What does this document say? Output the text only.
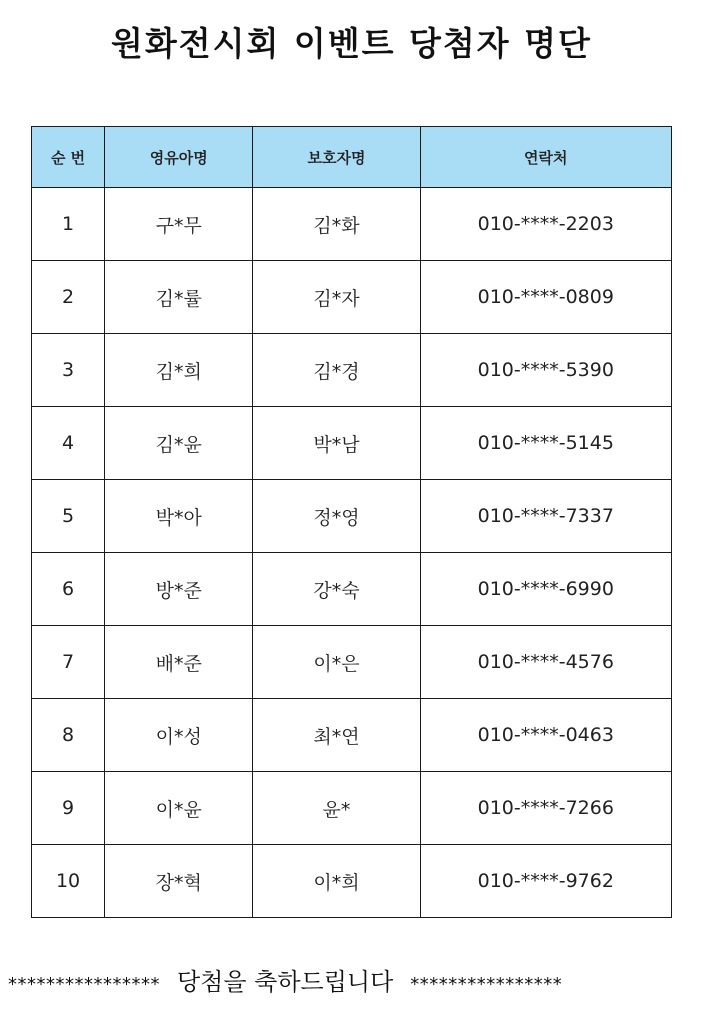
원화전시회 이벤트 당첨자 명단
순 번	영유아명	보호자명	연락처
1	구*무	김*화	010-****-2203
2	김*률	김*자	010-****-0809
3	김*희	김*경	010-****-5390
4	김*윤	박*남	010-****-5145
5	박*아	정*영	010-****-7337
6	방*준	강*숙	010-****-6990
7	배*준	이*은	010-****-4576
8	이*성	최*연	010-****-0463
9	이*윤	윤*	010-****-7266
10	장*혁	이*희	010-****-9762
**************** 당첨을 축하드립니다 ****************
